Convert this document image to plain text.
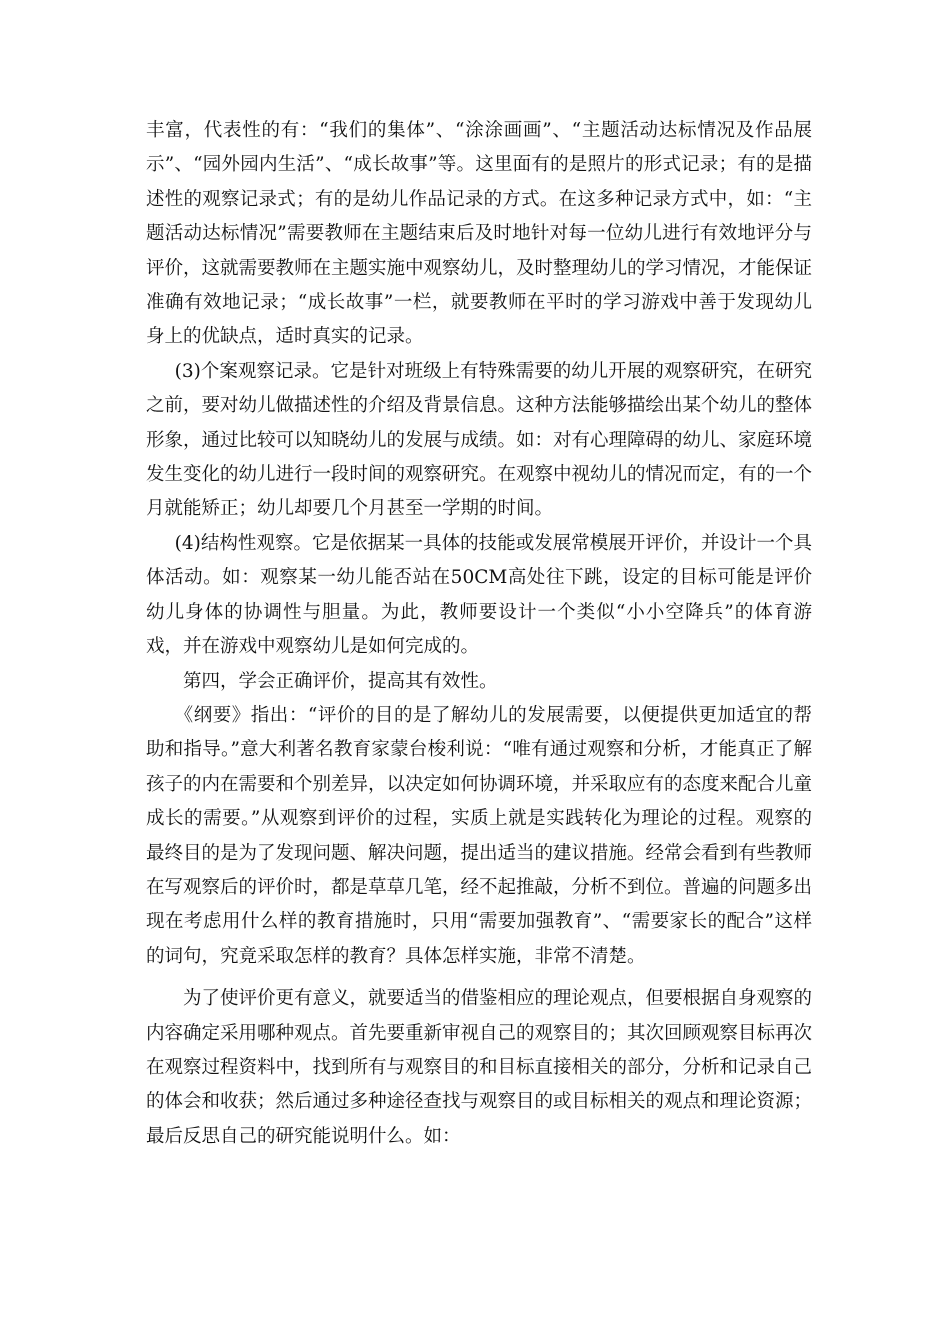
丰富，代表性的有：“我们的集体”、“涂涂画画”、“主题活动达标情况及作品展示”、“园外园内生活”、“成长故事”等。这里面有的是照片的形式记录；有的是描述性的观察记录式；有的是幼儿作品记录的方式。在这多种记录方式中，如：“主题活动达标情况”需要教师在主题结束后及时地针对每一位幼儿进行有效地评分与评价，这就需要教师在主题实施中观察幼儿，及时整理幼儿的学习情况，才能保证准确有效地记录；“成长故事”一栏，就要教师在平时的学习游戏中善于发现幼儿身上的优缺点，适时真实的记录。

(3)个案观察记录。它是针对班级上有特殊需要的幼儿开展的观察研究，在研究之前，要对幼儿做描述性的介绍及背景信息。这种方法能够描绘出某个幼儿的整体形象，通过比较可以知晓幼儿的发展与成绩。如：对有心理障碍的幼儿、家庭环境发生变化的幼儿进行一段时间的观察研究。在观察中视幼儿的情况而定，有的一个月就能矫正；幼儿却要几个月甚至一学期的时间。

(4)结构性观察。它是依据某一具体的技能或发展常模展开评价，并设计一个具体活动。如：观察某一幼儿能否站在50CM高处往下跳，设定的目标可能是评价幼儿身体的协调性与胆量。为此，教师要设计一个类似“小小空降兵”的体育游戏，并在游戏中观察幼儿是如何完成的。

第四，学会正确评价，提高其有效性。

《纲要》指出：“评价的目的是了解幼儿的发展需要，以便提供更加适宜的帮助和指导。”意大利著名教育家蒙台梭利说：“唯有通过观察和分析，才能真正了解孩子的内在需要和个别差异，以决定如何协调环境，并采取应有的态度来配合儿童成长的需要。”从观察到评价的过程，实质上就是实践转化为理论的过程。观察的最终目的是为了发现问题、解决问题，提出适当的建议措施。经常会看到有些教师在写观察后的评价时，都是草草几笔，经不起推敲，分析不到位。普遍的问题多出现在考虑用什么样的教育措施时，只用“需要加强教育”、“需要家长的配合”这样的词句，究竟采取怎样的教育？具体怎样实施，非常不清楚。

为了使评价更有意义，就要适当的借鉴相应的理论观点，但要根据自身观察的内容确定采用哪种观点。首先要重新审视自己的观察目的；其次回顾观察目标再次在观察过程资料中，找到所有与观察目的和目标直接相关的部分，分析和记录自己的体会和收获；然后通过多种途径查找与观察目的或目标相关的观点和理论资源；最后反思自己的研究能说明什么。如：
